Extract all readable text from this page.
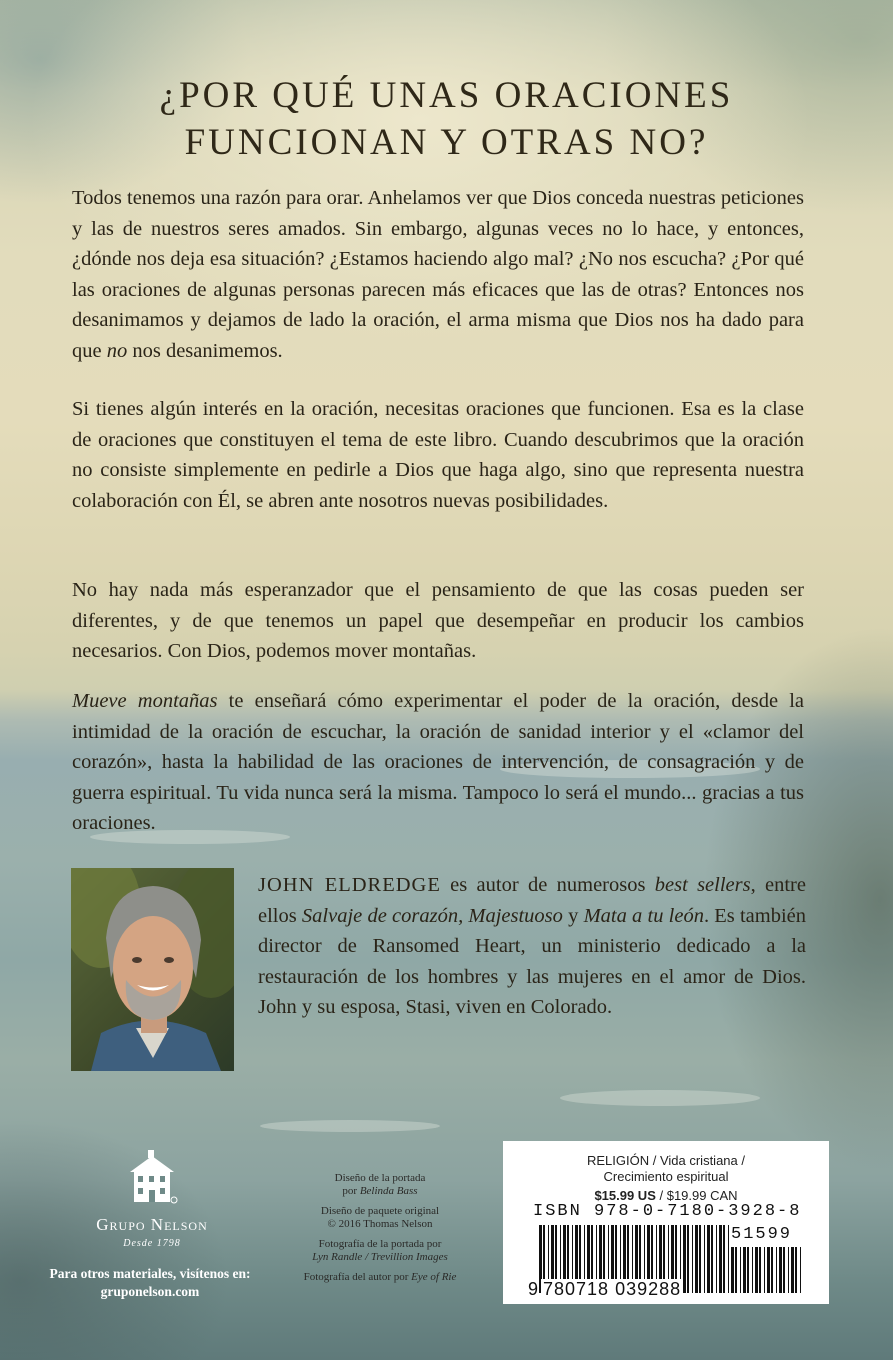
¿POR QUÉ UNAS ORACIONES
FUNCIONAN Y OTRAS NO?

Todos tenemos una razón para orar. Anhelamos ver que Dios conceda nuestras peticiones y las de nuestros seres amados. Sin embargo, algunas veces no lo hace, y entonces, ¿dónde nos deja esa situación? ¿Estamos haciendo algo mal? ¿No nos escucha? ¿Por qué las oraciones de algunas personas parecen más eficaces que las de otras? Entonces nos desanimamos y dejamos de lado la oración, el arma misma que Dios nos ha dado para que no nos desanimemos.

Si tienes algún interés en la oración, necesitas oraciones que funcionen. Esa es la clase de oraciones que constituyen el tema de este libro. Cuando descubrimos que la oración no consiste simplemente en pedirle a Dios que haga algo, sino que representa nuestra colaboración con Él, se abren ante nosotros nuevas posibilidades.

No hay nada más esperanzador que el pensamiento de que las cosas pueden ser diferentes, y de que tenemos un papel que desempeñar en producir los cambios necesarios. Con Dios, podemos mover montañas.

Mueve montañas te enseñará cómo experimentar el poder de la oración, desde la intimidad de la oración de escuchar, la oración de sanidad interior y el «clamor del corazón», hasta la habilidad de las oraciones de intervención, de consagración y de guerra espiritual. Tu vida nunca será la misma. Tampoco lo será el mundo... gracias a tus oraciones.

JOHN ELDREDGE es autor de numerosos best sellers, entre ellos Salvaje de corazón, Majestuoso y Mata a tu león. Es también director de Ransomed Heart, un ministerio dedicado a la restauración de los hombres y las mujeres en el amor de Dios. John y su esposa, Stasi, viven en Colorado.

Grupo Nelson
Desde 1798
Para otros materiales, visítenos en:
gruponelson.com
Diseño de la portada
por Belinda Bass
Diseño de paquete original
© 2016 Thomas Nelson
Fotografía de la portada por
Lyn Randle / Trevillion Images
Fotografía del autor por Eye of Rie
RELIGIÓN / Vida cristiana /
Crecimiento espiritual
$15.99 US / $19.99 CAN
ISBN 978-0-7180-3928-8
51599
9 780718 039288
